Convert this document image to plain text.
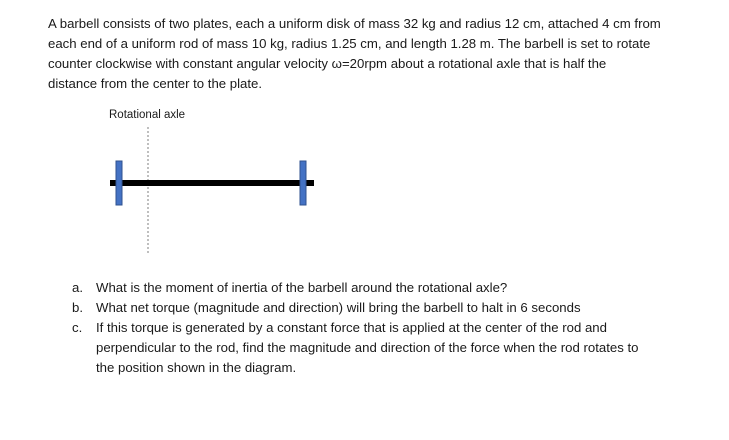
A barbell consists of two plates, each a uniform disk of mass 32 kg and radius 12 cm, attached 4 cm from
each end of a uniform rod of mass 10 kg, radius 1.25 cm, and length 1.28 m. The barbell is set to rotate
counter clockwise with constant angular velocity ω=20rpm about a rotational axle that is half the
distance from the center to the plate.
Rotational axle
a. What is the moment of inertia of the barbell around the rotational axle?
b. What net torque (magnitude and direction) will bring the barbell to halt in 6 seconds
c.	If this torque is generated by a constant force that is applied at the center of the rod and
perpendicular to the rod, find the magnitude and direction of the force when the rod rotates to
the position shown in the diagram.
